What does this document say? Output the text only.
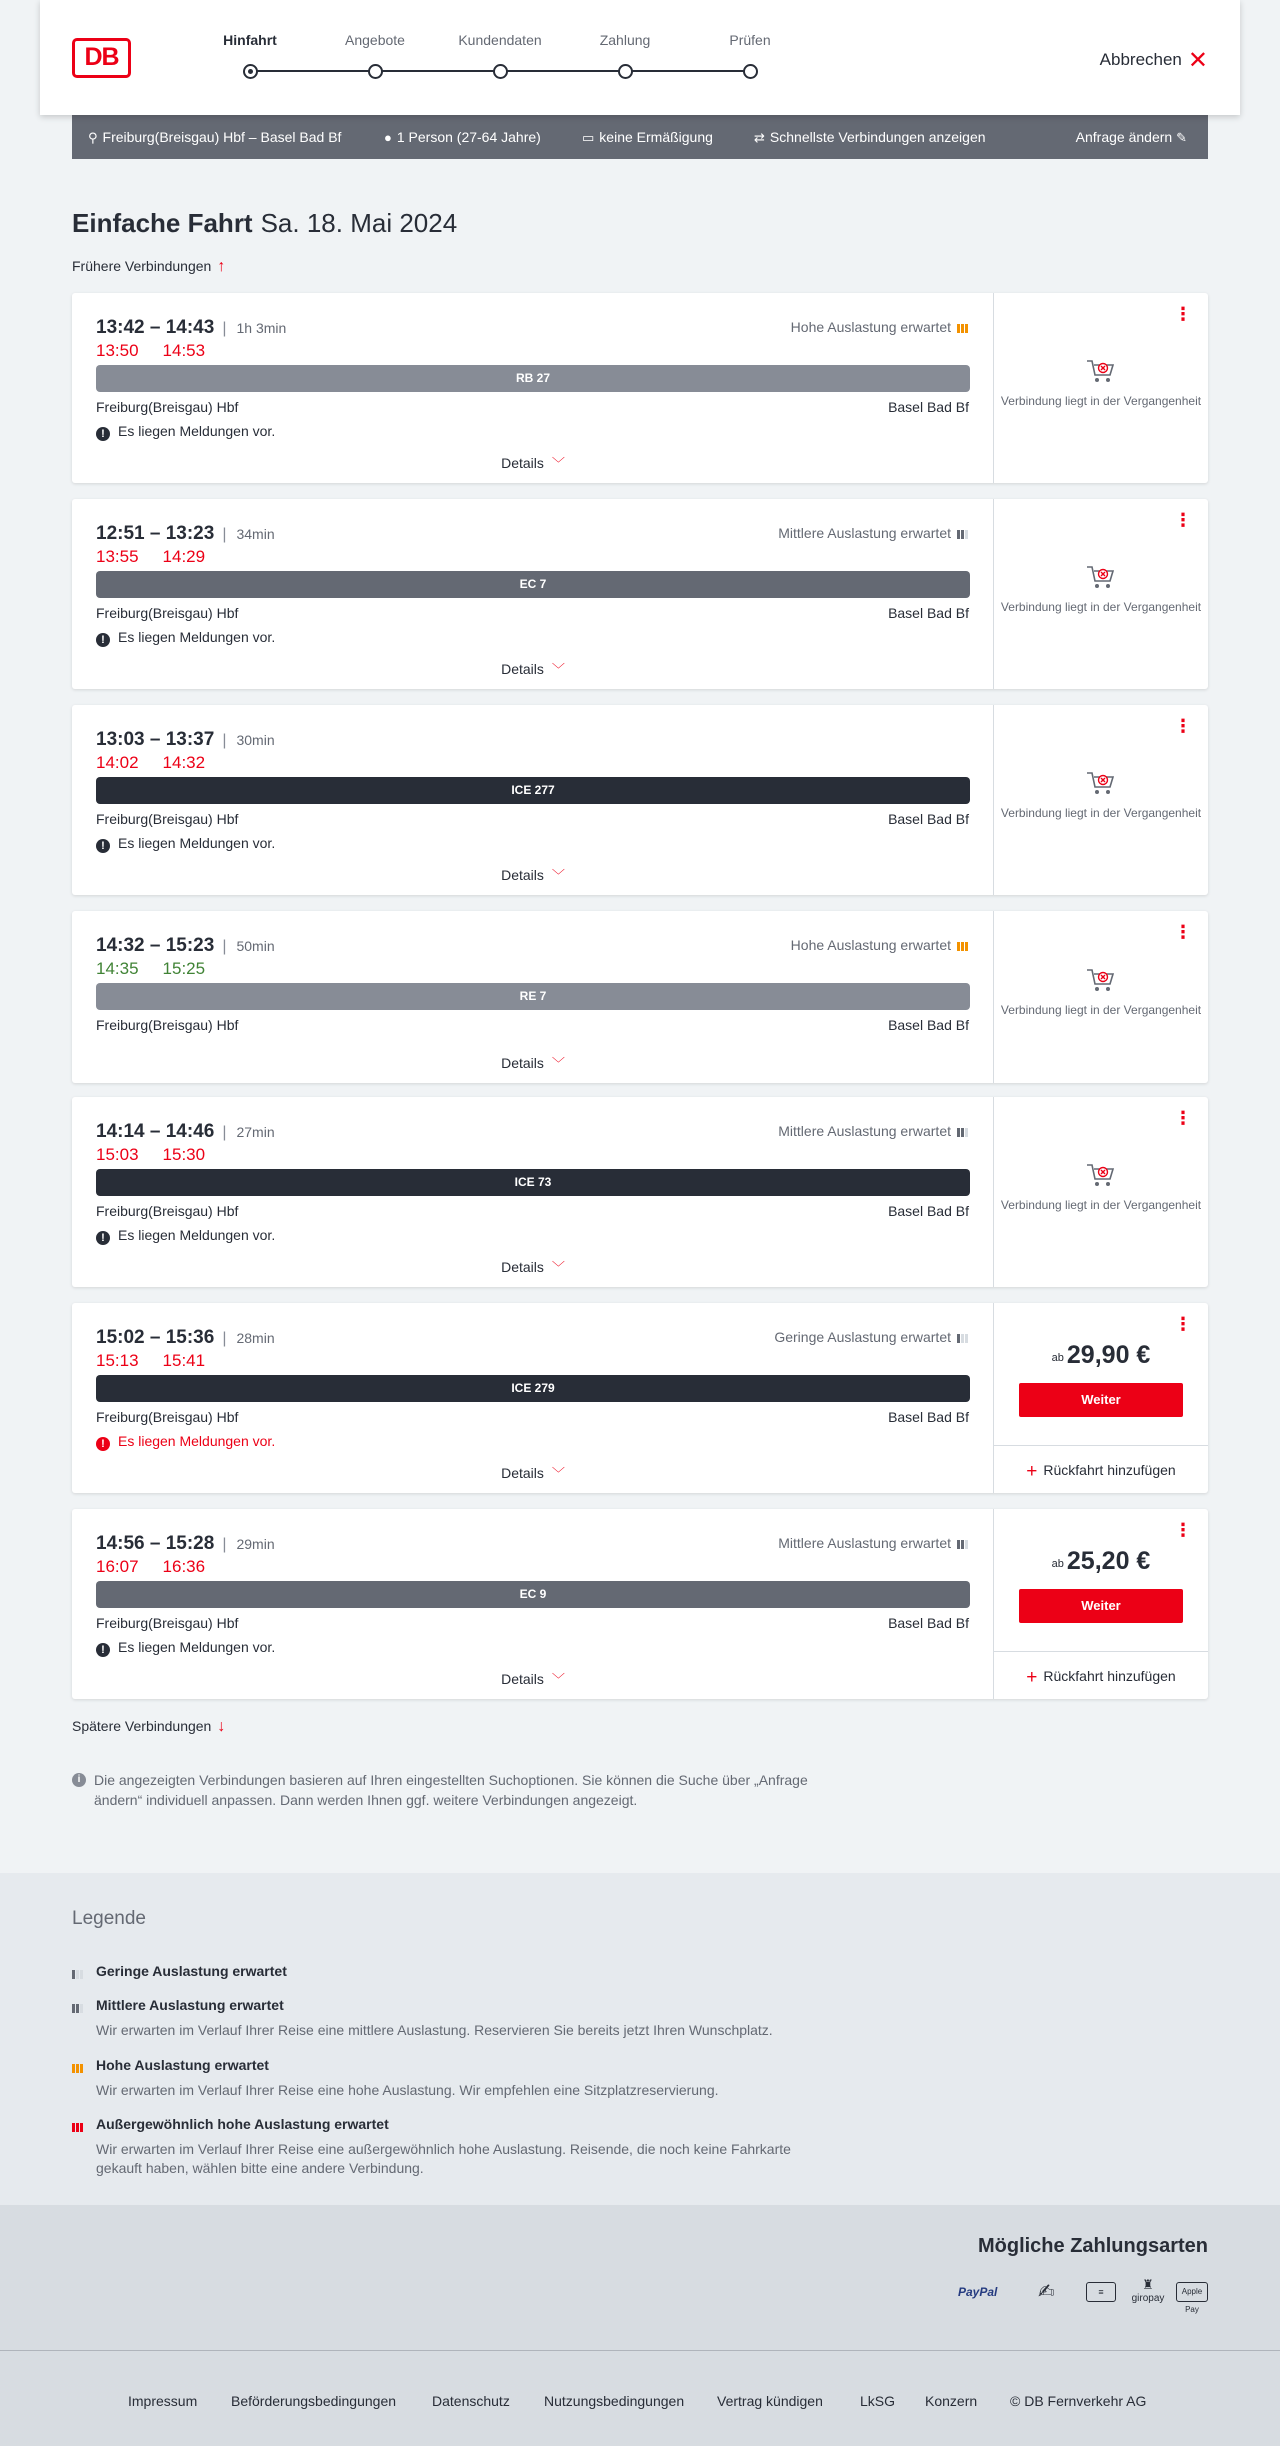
DB
Hinfahrt	Angebote	Kundendaten	Zahlung	Prüfen
Abbrechen ✕
⚲ Freiburg(Breisgau) Hbf – Basel Bad Bf	● 1 Person (27-64 Jahre)	▭ keine Ermäßigung	⇄ Schnellste Verbindungen anzeigen	Anfrage ändern ✎
Einfache Fahrt Sa. 18. Mai 2024
Frühere Verbindungen ↑
13:42 – 14:43 | 1h 3min
13:50 14:53
Hohe Auslastung erwartet
RB 27
Freiburg(Breisgau) Hbf	Basel Bad Bf
! Es liegen Meldungen vor.
Details ﹀
⋮
Verbindung liegt in der Vergangenheit
12:51 – 13:23 | 34min
13:55 14:29
Mittlere Auslastung erwartet
EC 7
Freiburg(Breisgau) Hbf	Basel Bad Bf
! Es liegen Meldungen vor.
Details ﹀
⋮
Verbindung liegt in der Vergangenheit
13:03 – 13:37 | 30min
14:02 14:32
ICE 277
Freiburg(Breisgau) Hbf	Basel Bad Bf
! Es liegen Meldungen vor.
Details ﹀
⋮
Verbindung liegt in der Vergangenheit
14:32 – 15:23 | 50min
14:35 15:25
Hohe Auslastung erwartet
RE 7
Freiburg(Breisgau) Hbf	Basel Bad Bf
Details ﹀
⋮
Verbindung liegt in der Vergangenheit
14:14 – 14:46 | 27min
15:03 15:30
Mittlere Auslastung erwartet
ICE 73
Freiburg(Breisgau) Hbf	Basel Bad Bf
! Es liegen Meldungen vor.
Details ﹀
⋮
Verbindung liegt in der Vergangenheit
15:02 – 15:36 | 28min
15:13 15:41
Geringe Auslastung erwartet
ICE 279
Freiburg(Breisgau) Hbf	Basel Bad Bf
! Es liegen Meldungen vor.
Details ﹀
⋮
ab 29,90 €
Weiter
+ Rückfahrt hinzufügen
14:56 – 15:28 | 29min
16:07 16:36
Mittlere Auslastung erwartet
EC 9
Freiburg(Breisgau) Hbf	Basel Bad Bf
! Es liegen Meldungen vor.
Details ﹀
⋮
ab 25,20 €
Weiter
+ Rückfahrt hinzufügen
Spätere Verbindungen ↓
i Die angezeigten Verbindungen basieren auf Ihren eingestellten Suchoptionen. Sie können die Suche über „Anfrage ändern“ individuell anpassen. Dann werden Ihnen ggf. weitere Verbindungen angezeigt.
Legende
Geringe Auslastung erwartet
Mittlere Auslastung erwartet
Wir erwarten im Verlauf Ihrer Reise eine mittlere Auslastung. Reservieren Sie bereits jetzt Ihren Wunschplatz.
Hohe Auslastung erwartet
Wir erwarten im Verlauf Ihrer Reise eine hohe Auslastung. Wir empfehlen eine Sitzplatzreservierung.
Außergewöhnlich hohe Auslastung erwartet
Wir erwarten im Verlauf Ihrer Reise eine außergewöhnlich hohe Auslastung. Reisende, die noch keine Fahrkarte gekauft haben, wählen bitte eine andere Verbindung.
Mögliche Zahlungsarten
PayPal ✍	≡	♜
giropay
Apple Pay
Impressum Beförderungsbedingungen	Datenschutz Nutzungsbedingungen Vertrag kündigen	LkSG Konzern © DB Fernverkehr AG
